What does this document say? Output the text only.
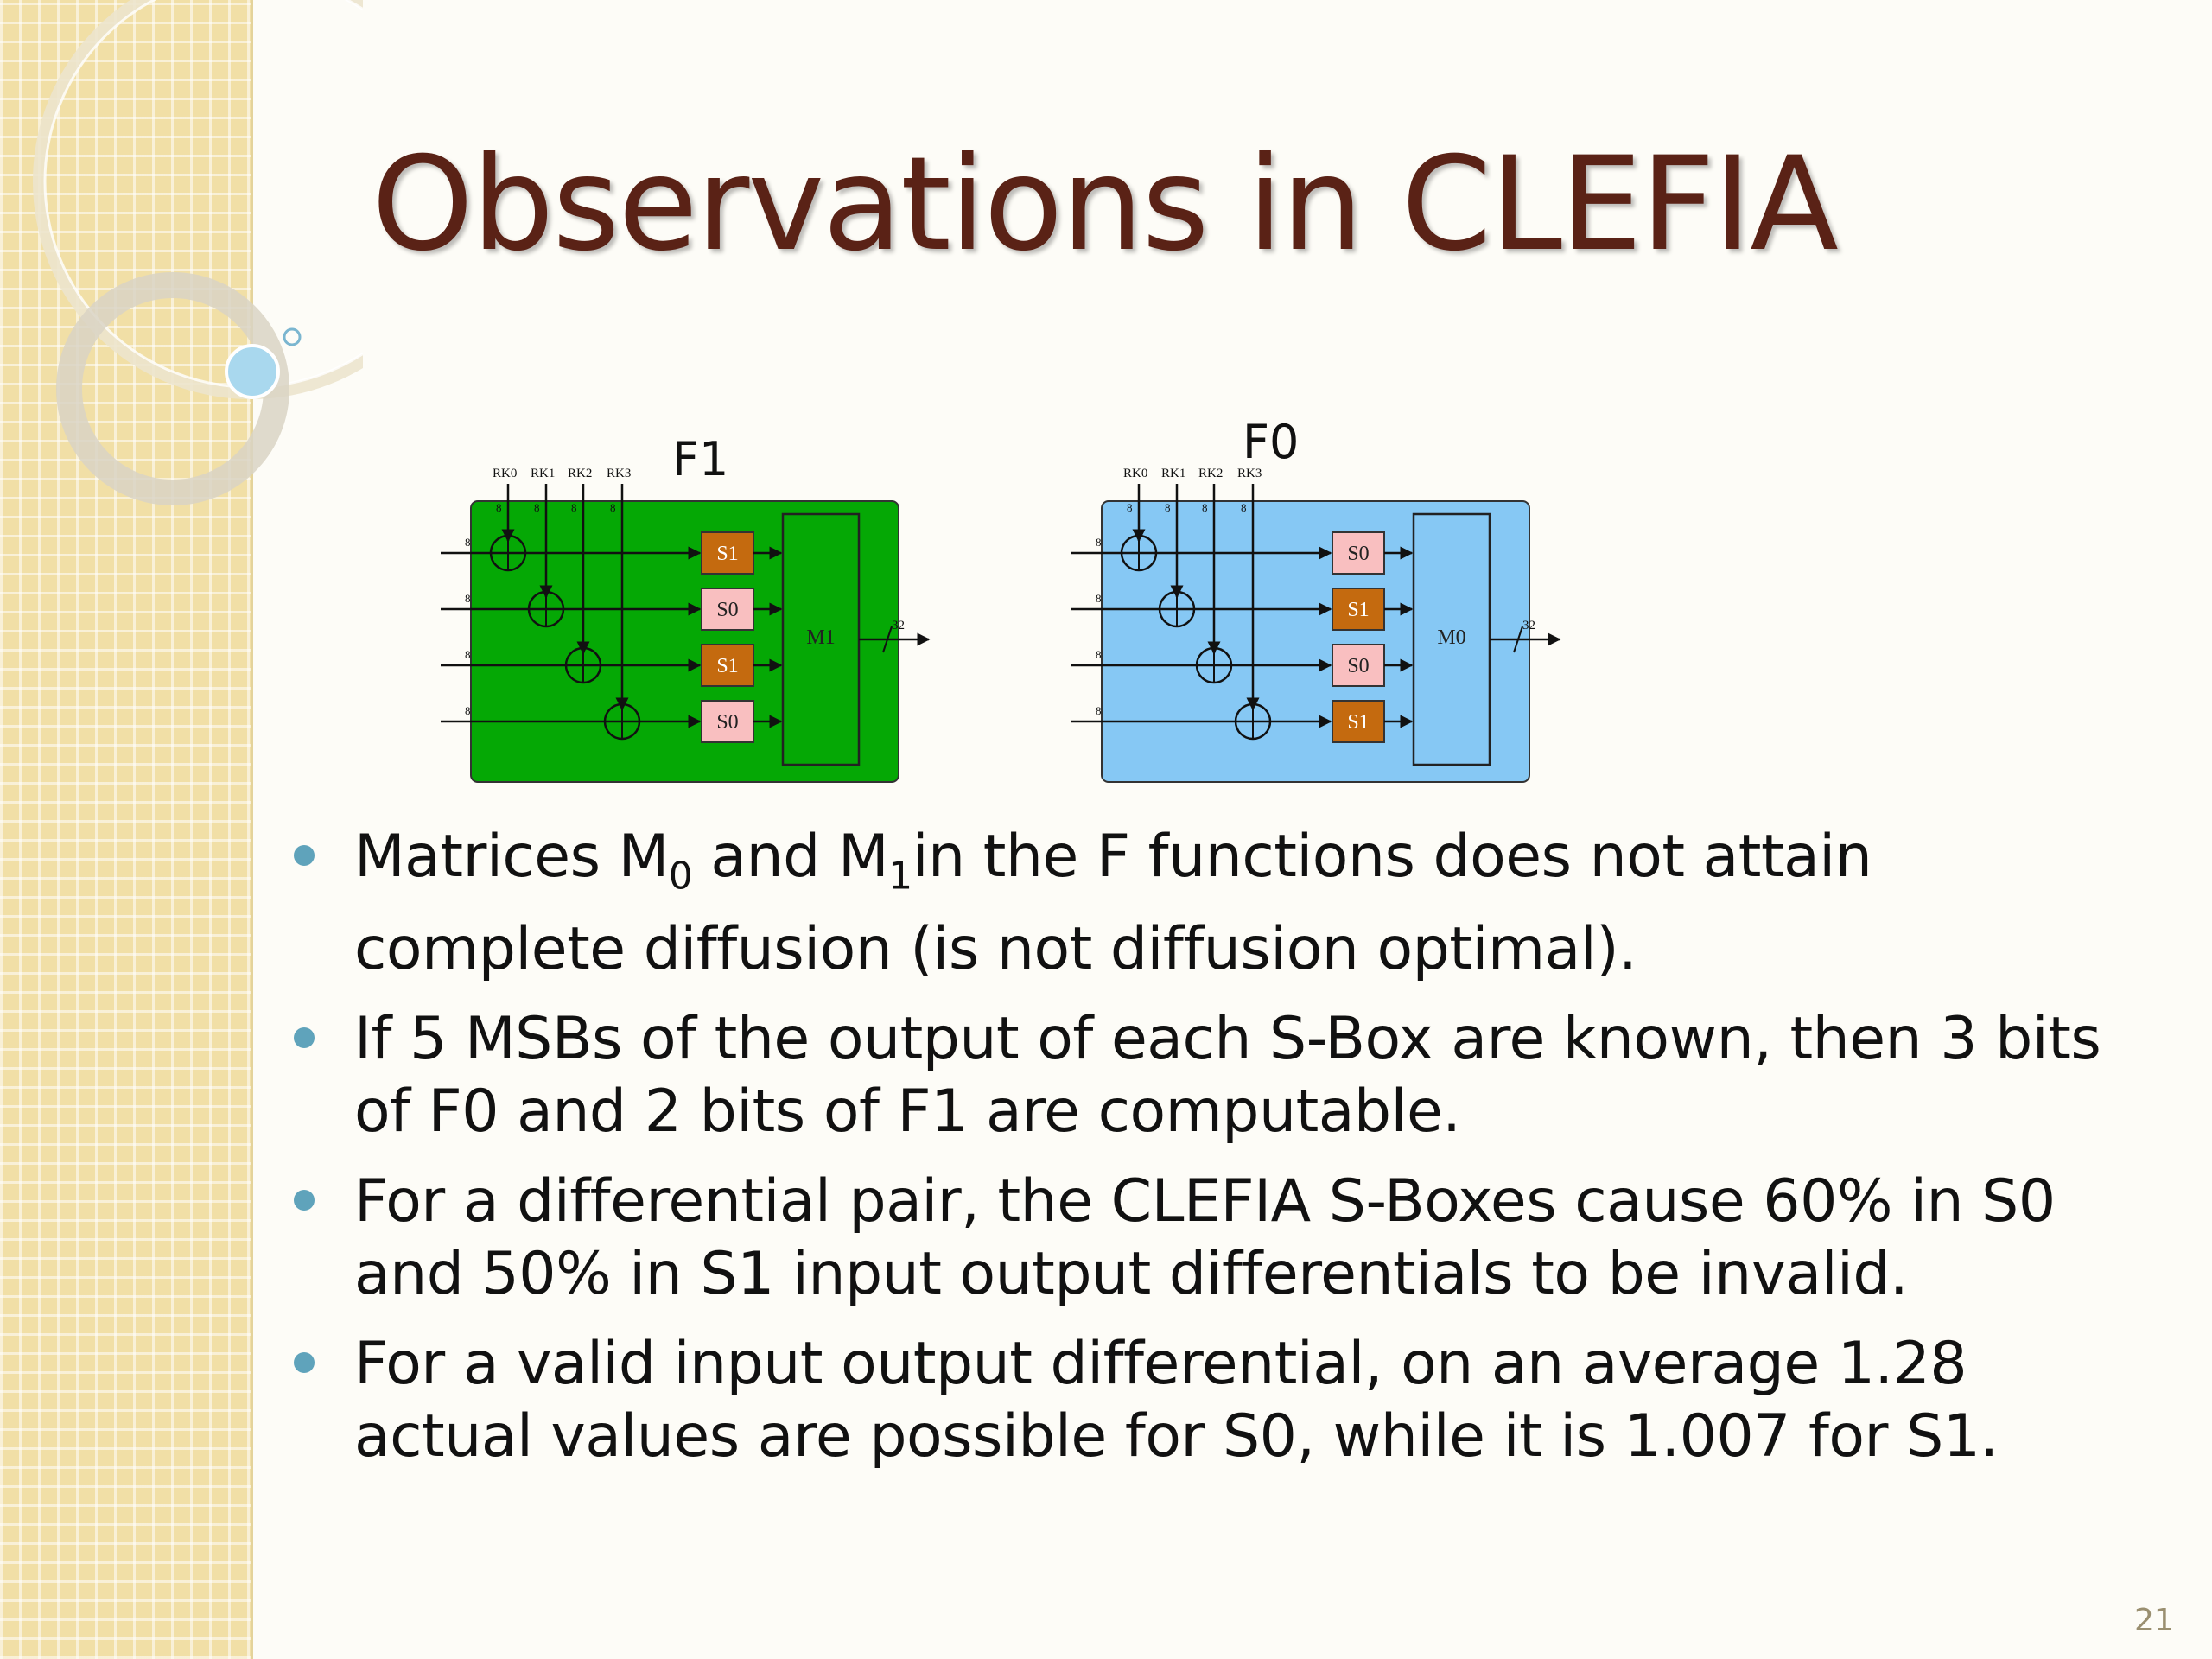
Observations in CLEFIA
F1
RK0
8
RK1
8
RK2
8
RK3
8
8
S1
8
S0
8
S1
8
S0
M1
32
F0
RK0
8
RK1
8
RK2
8
RK3
8
8
S0
8
S1
8
S0
8
S1
M0
32
Matrices $M_0$ and $M_1in$ the F functions does not attain complete diffusion (is not diffusion optimal).
If 5 MSBs of the output of each S-Box are known, then 3 bits of F0 and 2 bits of F1 are computable.
For a differential pair, the CLEFIA S-Boxes cause 60% in S0 and 50% in S1 input output differentials to be invalid.
For a valid input output differential, on an average 1.28 actual values are possible for S0, while it is 1.007 for S1.
21
